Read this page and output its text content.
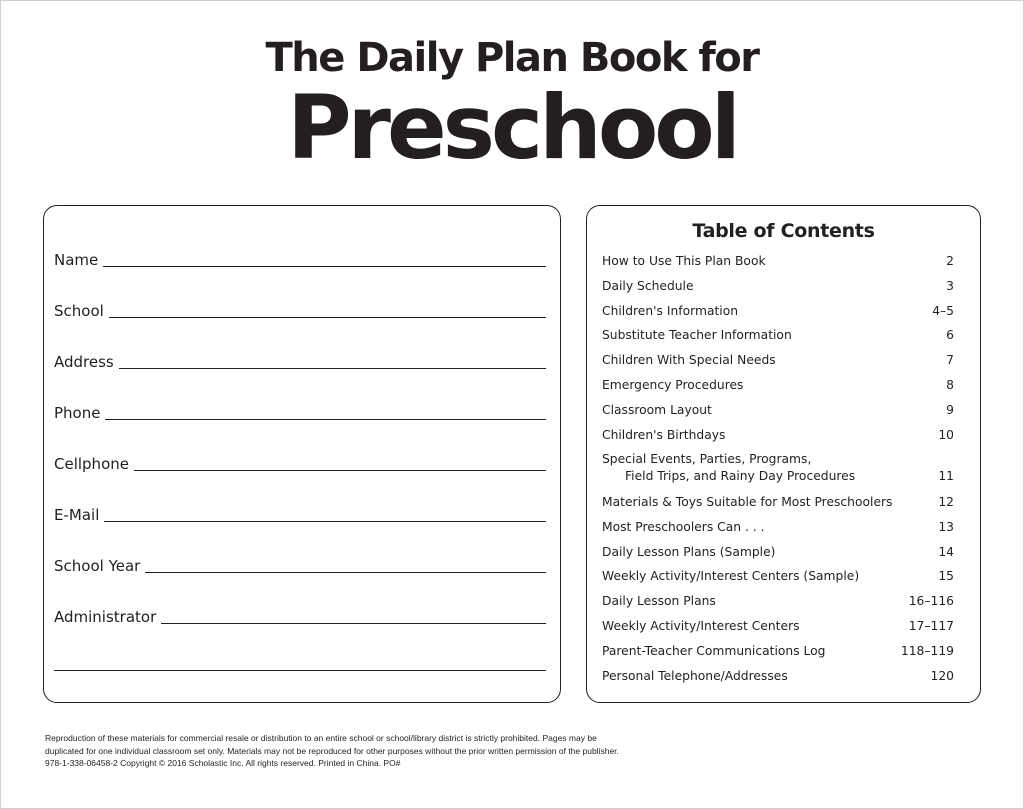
The Daily Plan Book for
Preschool
Name
School
Address
Phone
Cellphone
E-Mail
School Year
Administrator
Table of Contents
How to Use This Plan Book	2
Daily Schedule	3
Children's Information	4–5
Substitute Teacher Information	6
Children With Special Needs	7
Emergency Procedures	8
Classroom Layout	9
Children's Birthdays	10
Special Events, Parties, Programs,
Field Trips, and Rainy Day Procedures	11
Materials & Toys Suitable for Most Preschoolers	12
Most Preschoolers Can . . .	13
Daily Lesson Plans (Sample)	14
Weekly Activity/Interest Centers (Sample)	15
Daily Lesson Plans	16–116
Weekly Activity/Interest Centers	17–117
Parent-Teacher Communications Log	118–119
Personal Telephone/Addresses	120

Reproduction of these materials for commercial resale or distribution to an entire school or school/library district is strictly prohibited. Pages may be

duplicated for one individual classroom set only. Materials may not be reproduced for other purposes without the prior written permission of the publisher.

978-1-338-06458-2 Copyright © 2016 Scholastic Inc. All rights reserved. Printed in China. PO#
